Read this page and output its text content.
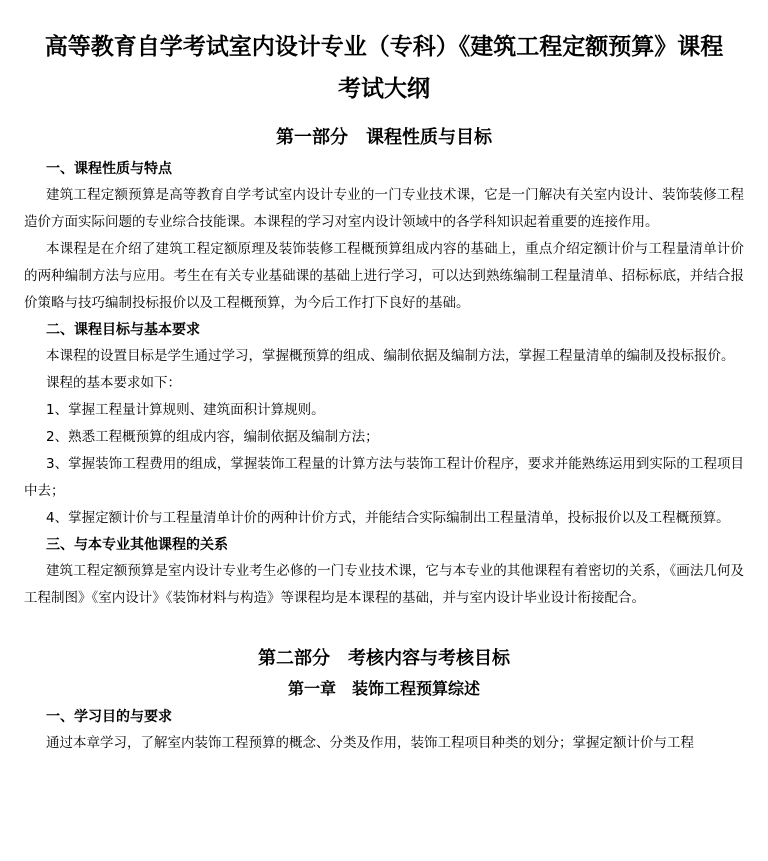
高等教育自学考试室内设计专业（专科）《建筑工程定额预算》课程
考试大纲
第一部分　课程性质与目标

一、课程性质与特点

建筑工程定额预算是高等教育自学考试室内设计专业的一门专业技术课，它是一门解决有关室内设计、装饰装修工程造价方面实际问题的专业综合技能课。本课程的学习对室内设计领域中的各学科知识起着重要的连接作用。

本课程是在介绍了建筑工程定额原理及装饰装修工程概预算组成内容的基础上，重点介绍定额计价与工程量清单计价的两种编制方法与应用。考生在有关专业基础课的基础上进行学习，可以达到熟练编制工程量清单、招标标底，并结合报价策略与技巧编制投标报价以及工程概预算，为今后工作打下良好的基础。

二、课程目标与基本要求

本课程的设置目标是学生通过学习，掌握概预算的组成、编制依据及编制方法，掌握工程量清单的编制及投标报价。

课程的基本要求如下：

1、掌握工程量计算规则、建筑面积计算规则。

2、熟悉工程概预算的组成内容，编制依据及编制方法；

3、掌握装饰工程费用的组成，掌握装饰工程量的计算方法与装饰工程计价程序，要求并能熟练运用到实际的工程项目中去；

4、掌握定额计价与工程量清单计价的两种计价方式，并能结合实际编制出工程量清单，投标报价以及工程概预算。

三、与本专业其他课程的关系

建筑工程定额预算是室内设计专业考生必修的一门专业技术课，它与本专业的其他课程有着密切的关系，《画法几何及工程制图》《室内设计》《装饰材料与构造》等课程均是本课程的基础，并与室内设计毕业设计衔接配合。

第二部分　考核内容与考核目标
第一章　装饰工程预算综述

一、学习目的与要求

通过本章学习，了解室内装饰工程预算的概念、分类及作用，装饰工程项目种类的划分；掌握定额计价与工程
